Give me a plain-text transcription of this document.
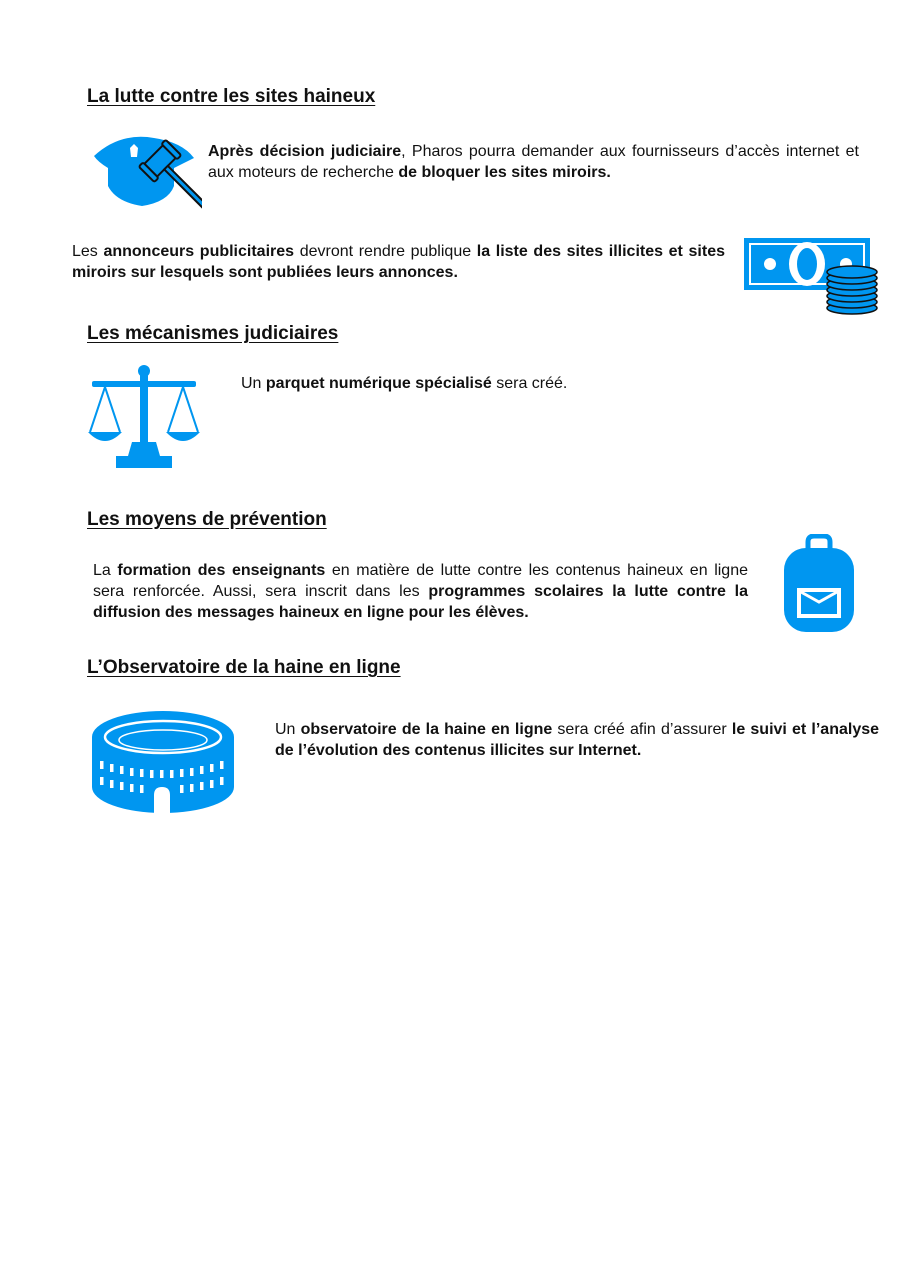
La lutte contre les sites haineux

Après décision judiciaire, Pharos pourra demander aux fournisseurs d’accès internet et aux moteurs de recherche de bloquer les sites miroirs.

Les annonceurs publicitaires devront rendre publique la liste des sites illicites et sites miroirs sur lesquels sont publiées leurs annonces.

Les mécanismes judiciaires

Un parquet numérique spécialisé sera créé.

Les moyens de prévention

La formation des enseignants en matière de lutte contre les contenus haineux en ligne sera renforcée. Aussi, sera inscrit dans les programmes scolaires la lutte contre la diffusion des messages haineux en ligne pour les élèves.

L’Observatoire de la haine en ligne

Un observatoire de la haine en ligne sera créé afin d’assurer le suivi et l’analyse de l’évolution des contenus illicites sur Internet.
